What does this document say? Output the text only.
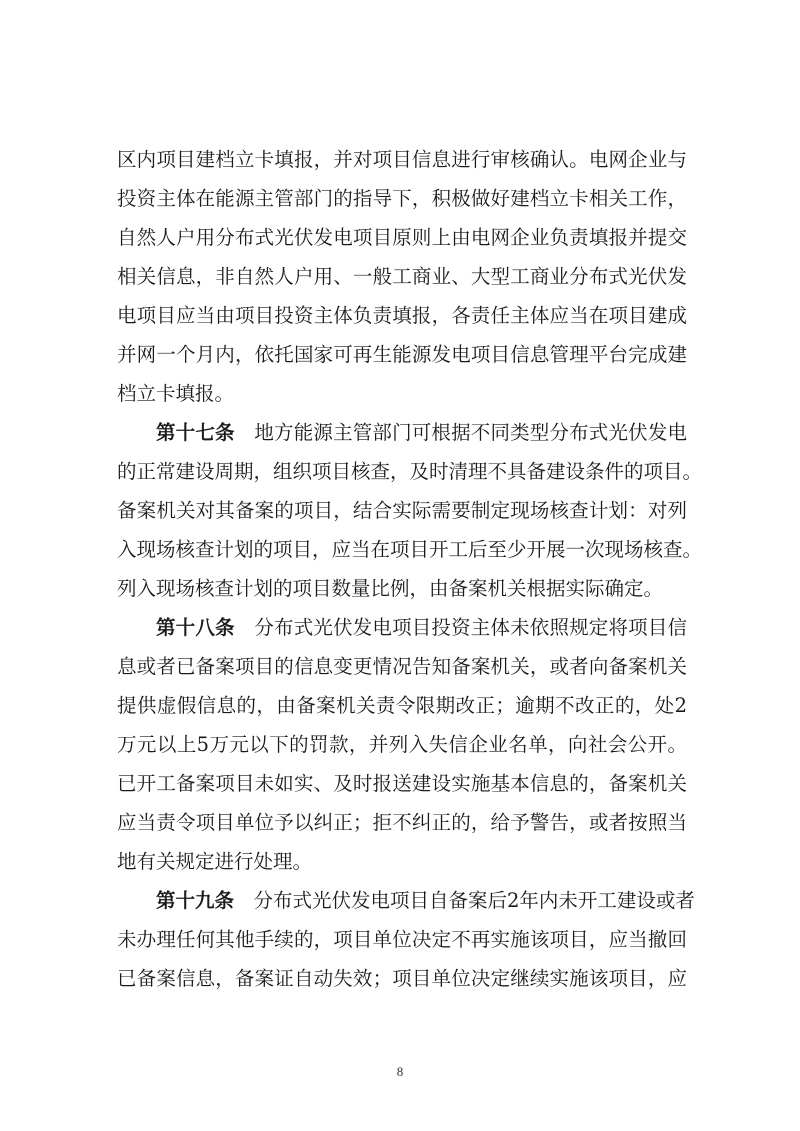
区内项目建档立卡填报，并对项目信息进行审核确认。电网企业与
投资主体在能源主管部门的指导下，积极做好建档立卡相关工作，
自然人户用分布式光伏发电项目原则上由电网企业负责填报并提交
相关信息，非自然人户用、一般工商业、大型工商业分布式光伏发
电项目应当由项目投资主体负责填报，各责任主体应当在项目建成
并网一个月内，依托国家可再生能源发电项目信息管理平台完成建
档立卡填报。
第十七条  地方能源主管部门可根据不同类型分布式光伏发电
的正常建设周期，组织项目核查，及时清理不具备建设条件的项目。
备案机关对其备案的项目，结合实际需要制定现场核查计划：对列
入现场核查计划的项目，应当在项目开工后至少开展一次现场核查。
列入现场核查计划的项目数量比例，由备案机关根据实际确定。
第十八条  分布式光伏发电项目投资主体未依照规定将项目信
息或者已备案项目的信息变更情况告知备案机关，或者向备案机关
提供虚假信息的，由备案机关责令限期改正；逾期不改正的，处2
万元以上5万元以下的罚款，并列入失信企业名单，向社会公开。
已开工备案项目未如实、及时报送建设实施基本信息的，备案机关
应当责令项目单位予以纠正；拒不纠正的，给予警告，或者按照当
地有关规定进行处理。
第十九条  分布式光伏发电项目自备案后2年内未开工建设或者
未办理任何其他手续的，项目单位决定不再实施该项目，应当撤回
已备案信息，备案证自动失效；项目单位决定继续实施该项目，应
8
